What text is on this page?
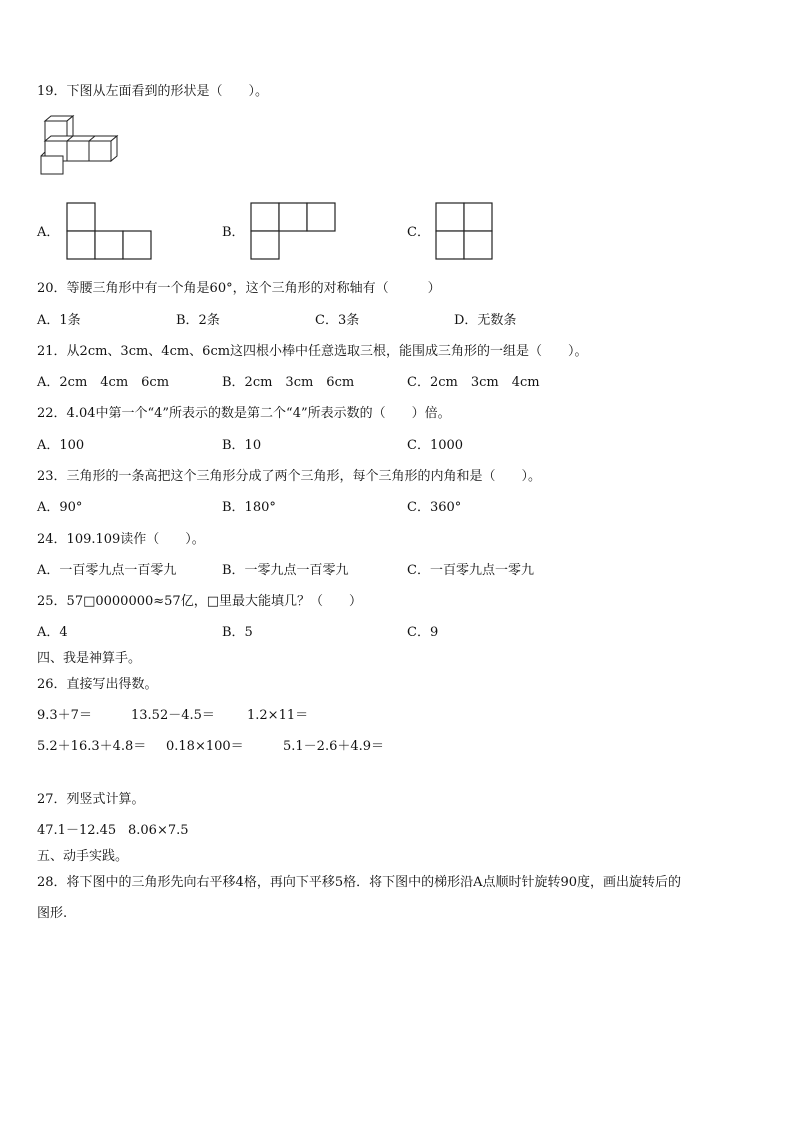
19．下图从左面看到的形状是（　　）。
A．	B．	C．
20．等腰三角形中有一个角是60°，这个三角形的对称轴有（　　　）
A．1条	B．2条	C．3条	D．无数条
21．从2cm、3cm、4cm、6cm这四根小棒中任意选取三根，能围成三角形的一组是（　　）。
A．2cm　4cm　6cm	B．2cm　3cm　6cm	C．2cm　3cm　4cm
22．4.04中第一个“4”所表示的数是第二个“4”所表示数的（　　）倍。
A．100	B．10	C．1000
23．三角形的一条高把这个三角形分成了两个三角形，每个三角形的内角和是（　　）。
A．90°	B．180°	C．360°
24．109.109读作（　　）。
A．一百零九点一百零九	B．一零九点一百零九	C．一百零九点一零九
25．57□0000000≈57亿，□里最大能填几？（　　）
A．4	B．5	C．9
四、我是神算手。
26．直接写出得数。
9.3＋7＝	13.52－4.5＝ 1.2×11＝
5.2＋16.3＋4.8＝ 0.18×100＝	5.1－2.6＋4.9＝
27．列竖式计算。
47.1－12.45 8.06×7.5
五、动手实践。
28．将下图中的三角形先向右平移4格，再向下平移5格．将下图中的梯形沿A点顺时针旋转90度，画出旋转后的
图形.
